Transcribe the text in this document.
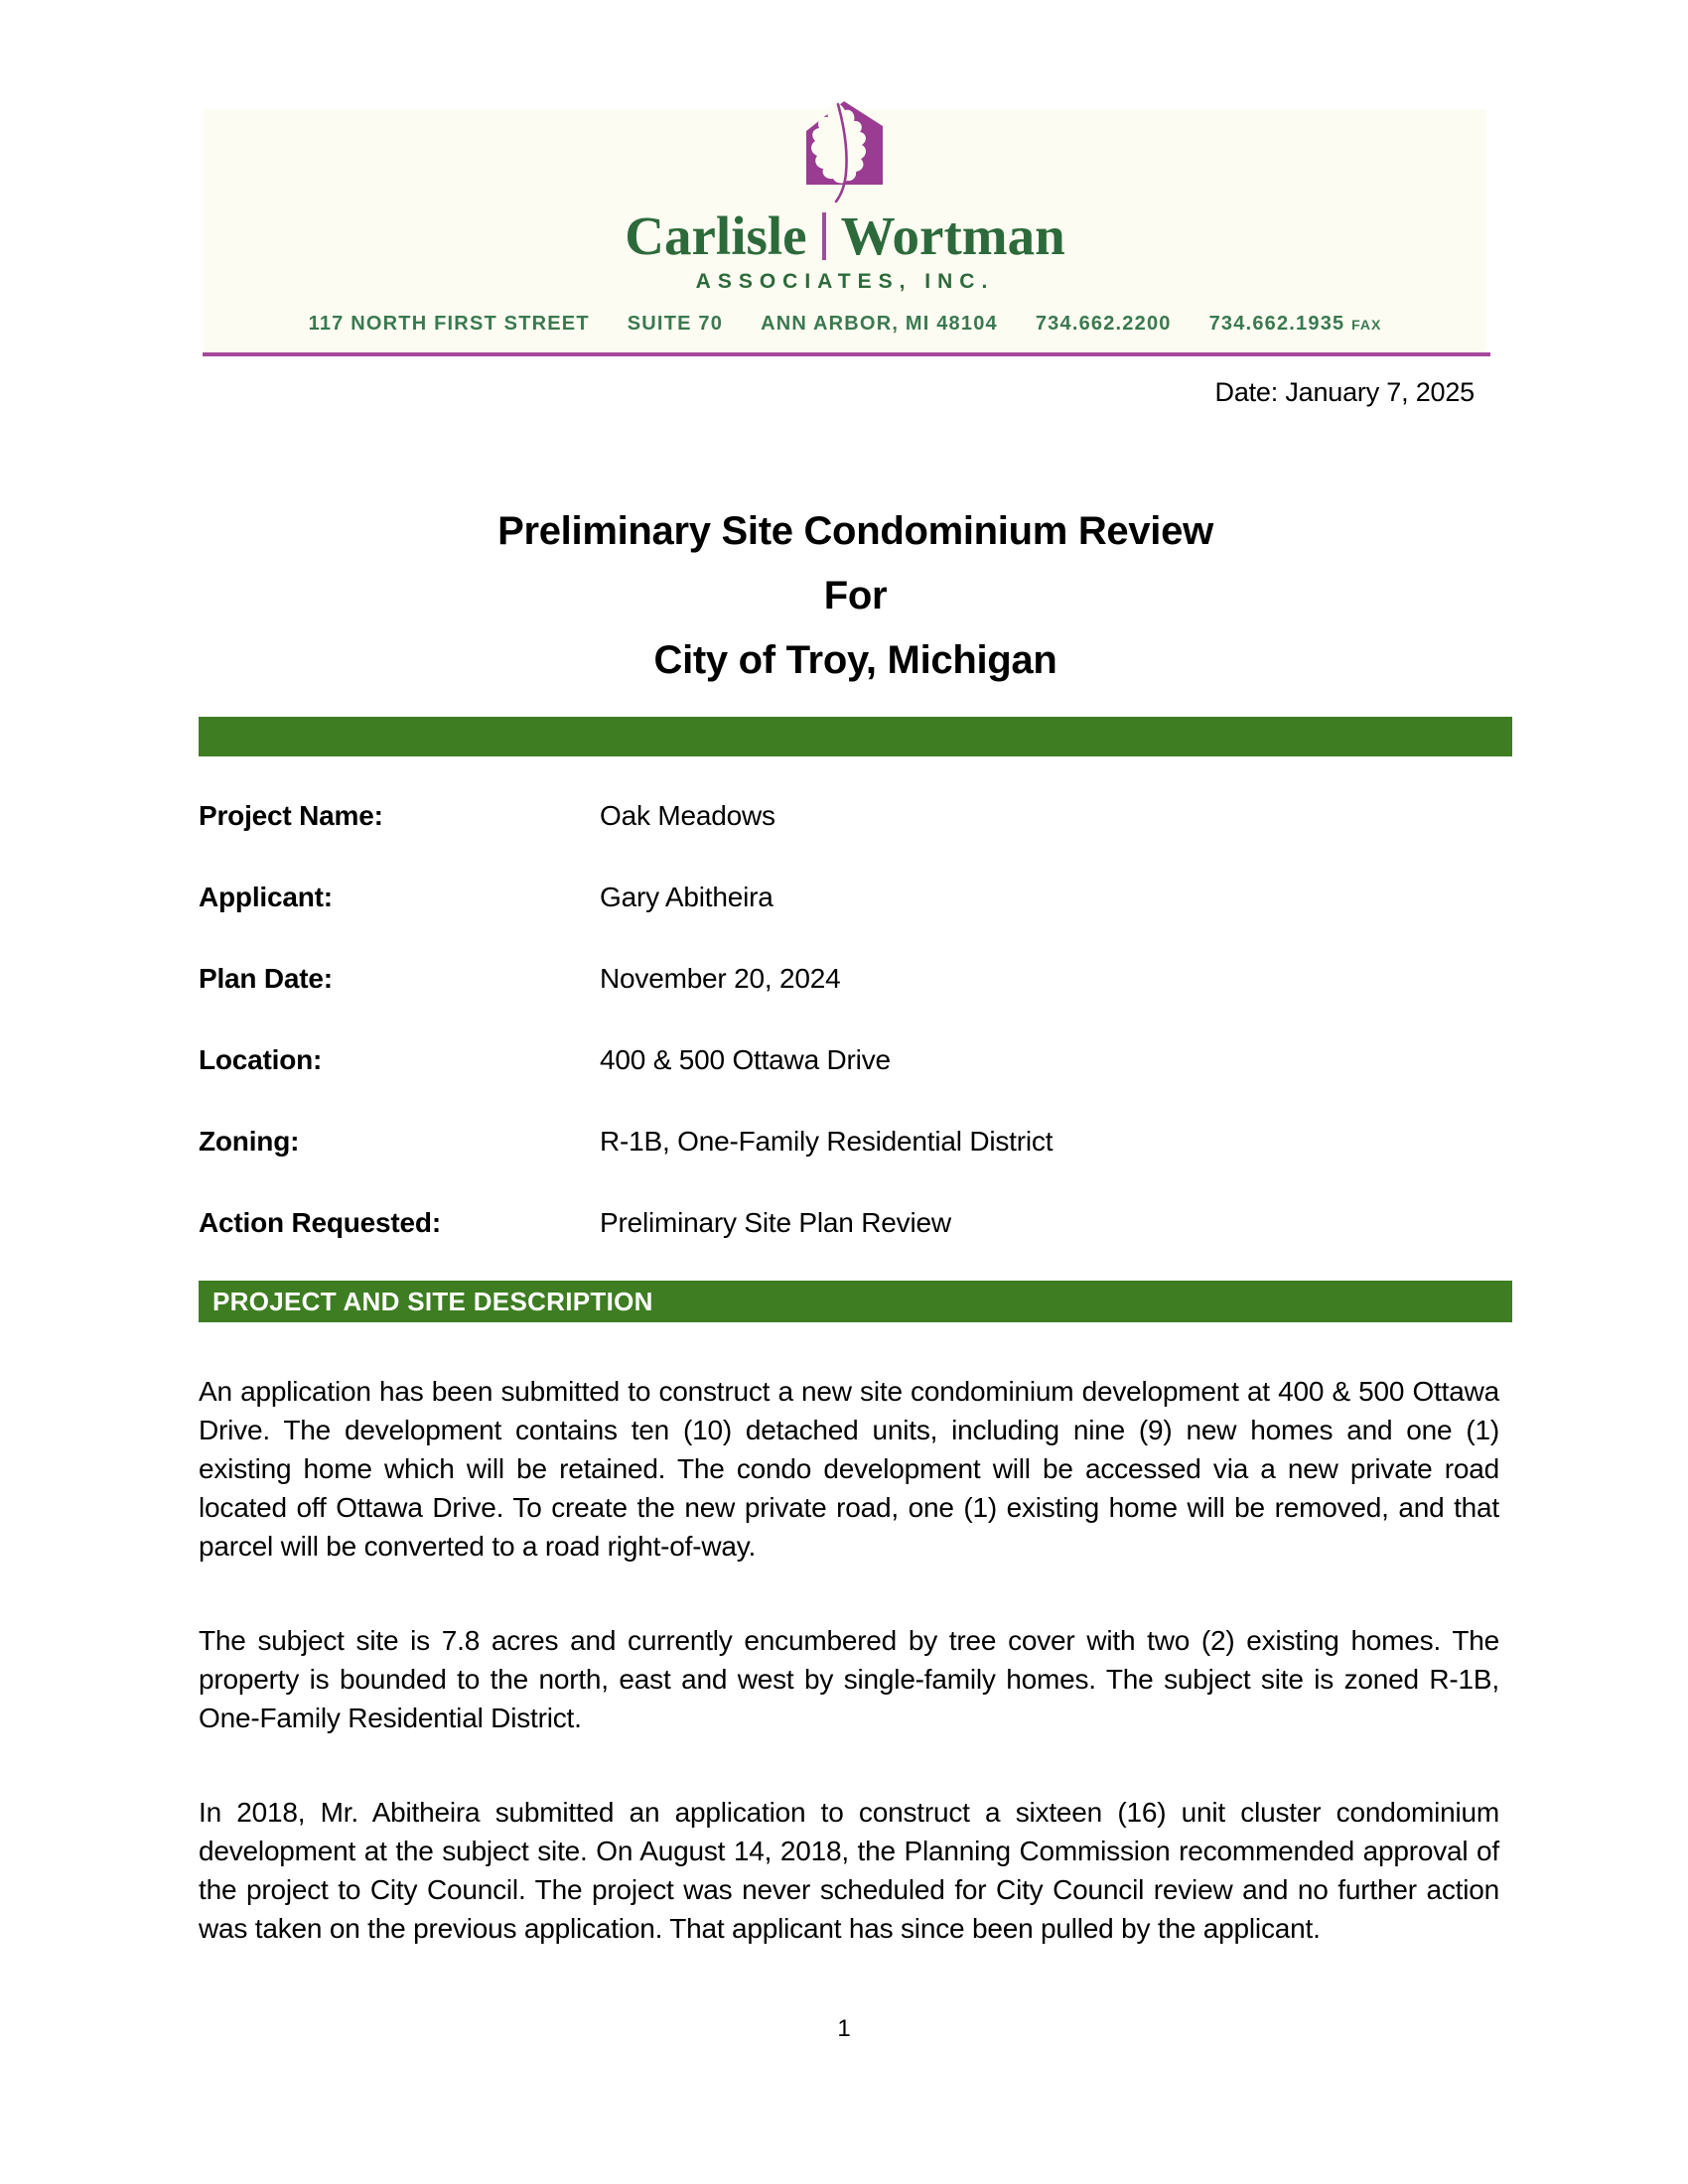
Carlisle Wortman
ASSOCIATES, INC.
117 NORTH FIRST STREET SUITE 70 ANN ARBOR, MI 48104 734.662.2200 734.662.1935 FAX
Date: January 7, 2025
Preliminary Site Condominium Review
For
City of Troy, Michigan
Project Name:	Oak Meadows
Applicant:	Gary Abitheira
Plan Date:	November 20, 2024
Location:	400 & 500 Ottawa Drive
Zoning:	R-1B, One-Family Residential District
Action Requested:	Preliminary Site Plan Review
PROJECT AND SITE DESCRIPTION

An application has been submitted to construct a new site condominium development at 400 & 500 Ottawa Drive. The development contains ten (10) detached units, including nine (9) new homes and one (1) existing home which will be retained. The condo development will be accessed via a new private road located off Ottawa Drive. To create the new private road, one (1) existing home will be removed, and that parcel will be converted to a road right-of-way.

The subject site is 7.8 acres and currently encumbered by tree cover with two (2) existing homes. The property is bounded to the north, east and west by single-family homes. The subject site is zoned R-1B, One-Family Residential District.

In 2018, Mr. Abitheira submitted an application to construct a sixteen (16) unit cluster condominium development at the subject site. On August 14, 2018, the Planning Commission recommended approval of the project to City Council. The project was never scheduled for City Council review and no further action was taken on the previous application. That applicant has since been pulled by the applicant.

1
